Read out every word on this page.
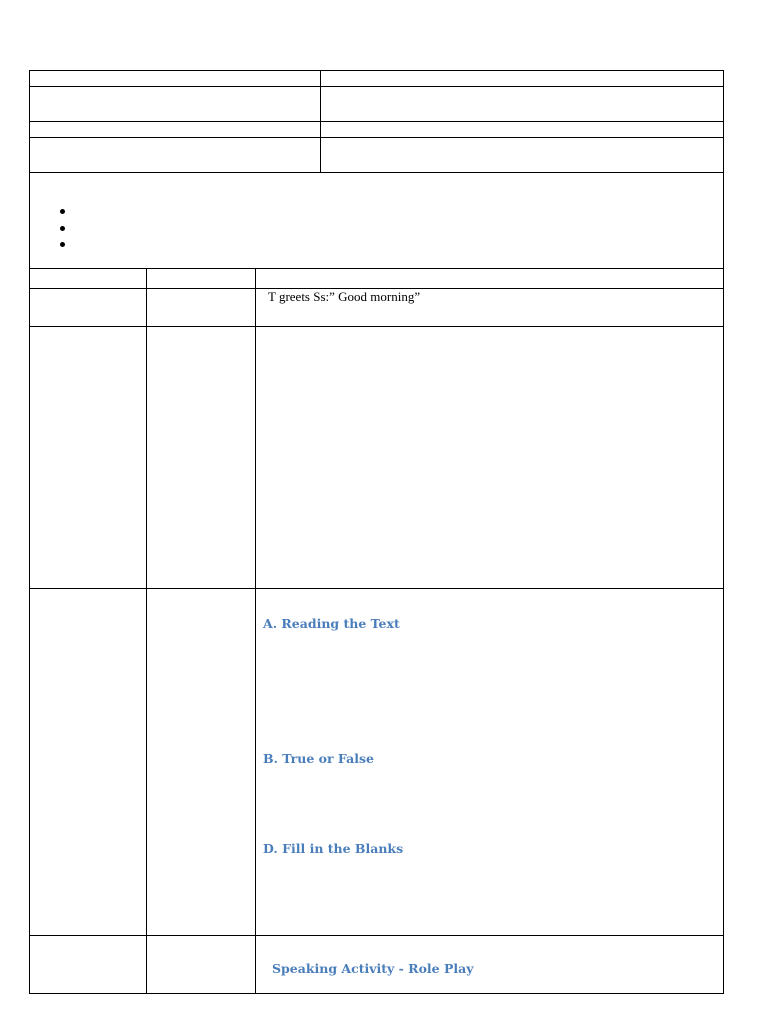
T greets Ss:” Good morning”
A. Reading the Text
B. True or False
D. Fill in the Blanks
Speaking Activity - Role Play
